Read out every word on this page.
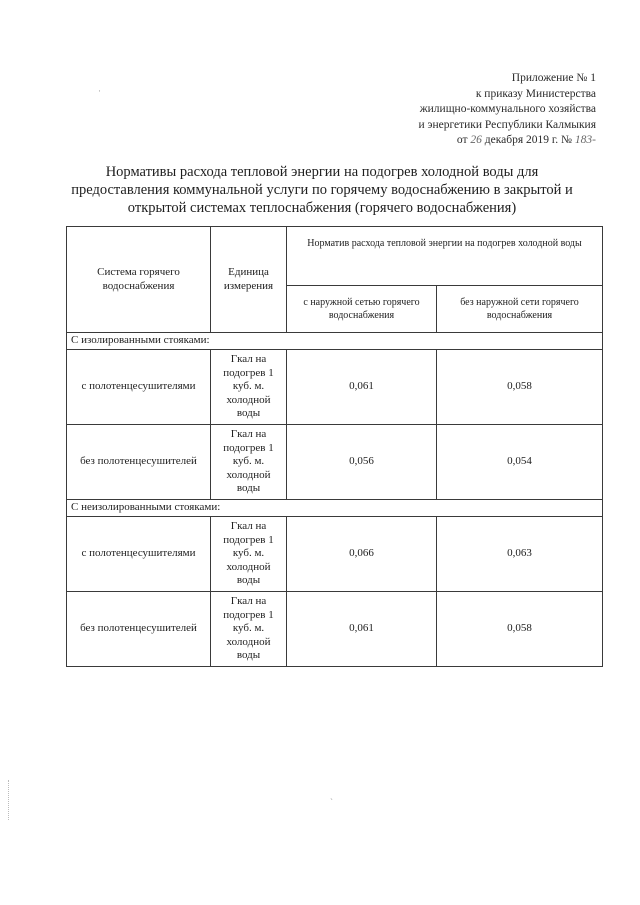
Приложение № 1
к приказу Министерства
жилищно-коммунального хозяйства
и энергетики Республики Калмыкия
от 26 декабря 2019 г. № 183-
Нормативы расхода тепловой энергии на подогрев холодной воды для
предоставления коммунальной услуги по горячему водоснабжению в закрытой и
открытой системах теплоснабжения (горячего водоснабжения)
Система горячего водоснабжения	Единица измерения	Норматив расхода тепловой энергии на подогрев холодной воды	
		с наружной сетью горячего водоснабжения	без наружной сети горячего водоснабжения
С изолированными стояками:			
с полотенцесушителями	Гкал на подогрев 1 куб. м. холодной воды	0,061	0,058
без полотенцесушителей	Гкал на подогрев 1 куб. м. холодной воды	0,056	0,054
С неизолированными стояками:			
с полотенцесушителями	Гкал на подогрев 1 куб. м. холодной воды	0,066	0,063
без полотенцесушителей	Гкал на подогрев 1 куб. м. холодной воды	0,061	0,058
·
ˏ
